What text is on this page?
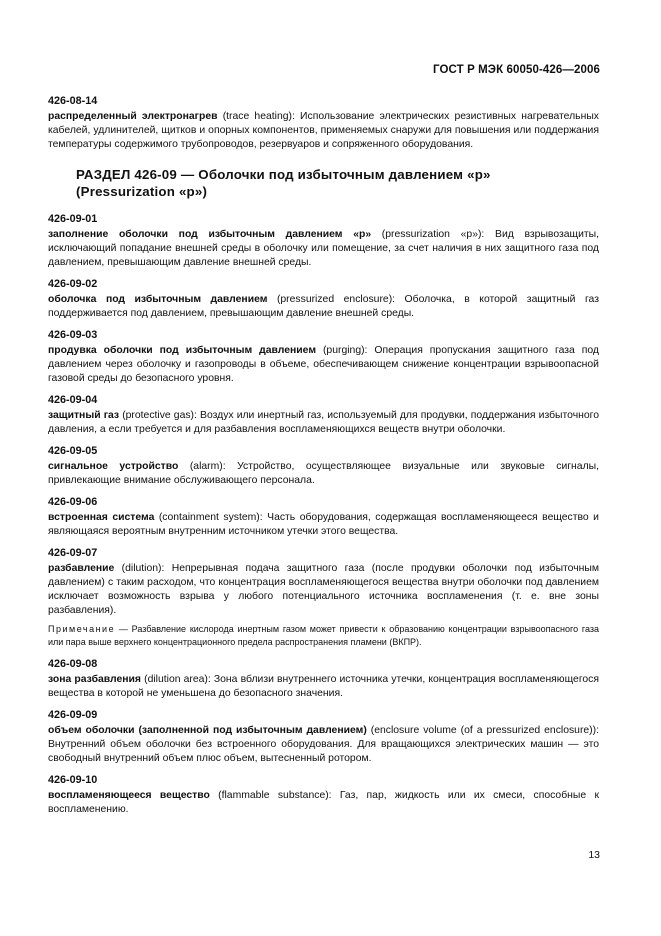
ГОСТ Р МЭК 60050-426—2006
426-08-14

распределенный электронагрев (trace heating): Использование электрических резистивных нагревательных кабелей, удлинителей, щитков и опорных компонентов, применяемых снаружи для повышения или поддержания температуры содержимого трубопроводов, резервуаров и сопряженного оборудования.

РАЗДЕЛ 426-09 — Оболочки под избыточным давлением «р»
(Pressurization «р»)
426-09-01

заполнение оболочки под избыточным давлением «р» (pressurization «р»): Вид взрывозащиты, исключающий попадание внешней среды в оболочку или помещение, за счет наличия в них защитного газа под давлением, превышающим давление внешней среды.

426-09-02

оболочка под избыточным давлением (pressurized enclosure): Оболочка, в которой защитный газ поддерживается под давлением, превышающим давление внешней среды.

426-09-03

продувка оболочки под избыточным давлением (purging): Операция пропускания защитного газа под давлением через оболочку и газопроводы в объеме, обеспечивающем снижение концентрации взрывоопасной газовой среды до безопасного уровня.

426-09-04

защитный газ (protective gas): Воздух или инертный газ, используемый для продувки, поддержания избыточного давления, а если требуется и для разбавления воспламеняющихся веществ внутри оболочки.

426-09-05

сигнальное устройство (alarm): Устройство, осуществляющее визуальные или звуковые сигналы, привлекающие внимание обслуживающего персонала.

426-09-06

встроенная система (containment system): Часть оборудования, содержащая воспламеняющееся вещество и являющаяся вероятным внутренним источником утечки этого вещества.

426-09-07

разбавление (dilution): Непрерывная подача защитного газа (после продувки оболочки под избыточным давлением) с таким расходом, что концентрация воспламеняющегося вещества внутри оболочки под давлением исключает возможность взрыва у любого потенциального источника воспламенения (т. е. вне зоны разбавления).

Примечание — Разбавление кислорода инертным газом может привести к образованию концентрации взрывоопасного газа или пара выше верхнего концентрационного предела распространения пламени (ВКПР).

426-09-08

зона разбавления (dilution area): Зона вблизи внутреннего источника утечки, концентрация воспламеняющегося вещества в которой не уменьшена до безопасного значения.

426-09-09

объем оболочки (заполненной под избыточным давлением) (enclosure volume (of a pressurized enclosure)): Внутренний объем оболочки без встроенного оборудования. Для вращающихся электрических машин — это свободный внутренний объем плюс объем, вытесненный ротором.

426-09-10

воспламеняющееся вещество (flammable substance): Газ, пар, жидкость или их смеси, способные к воспламенению.

13
